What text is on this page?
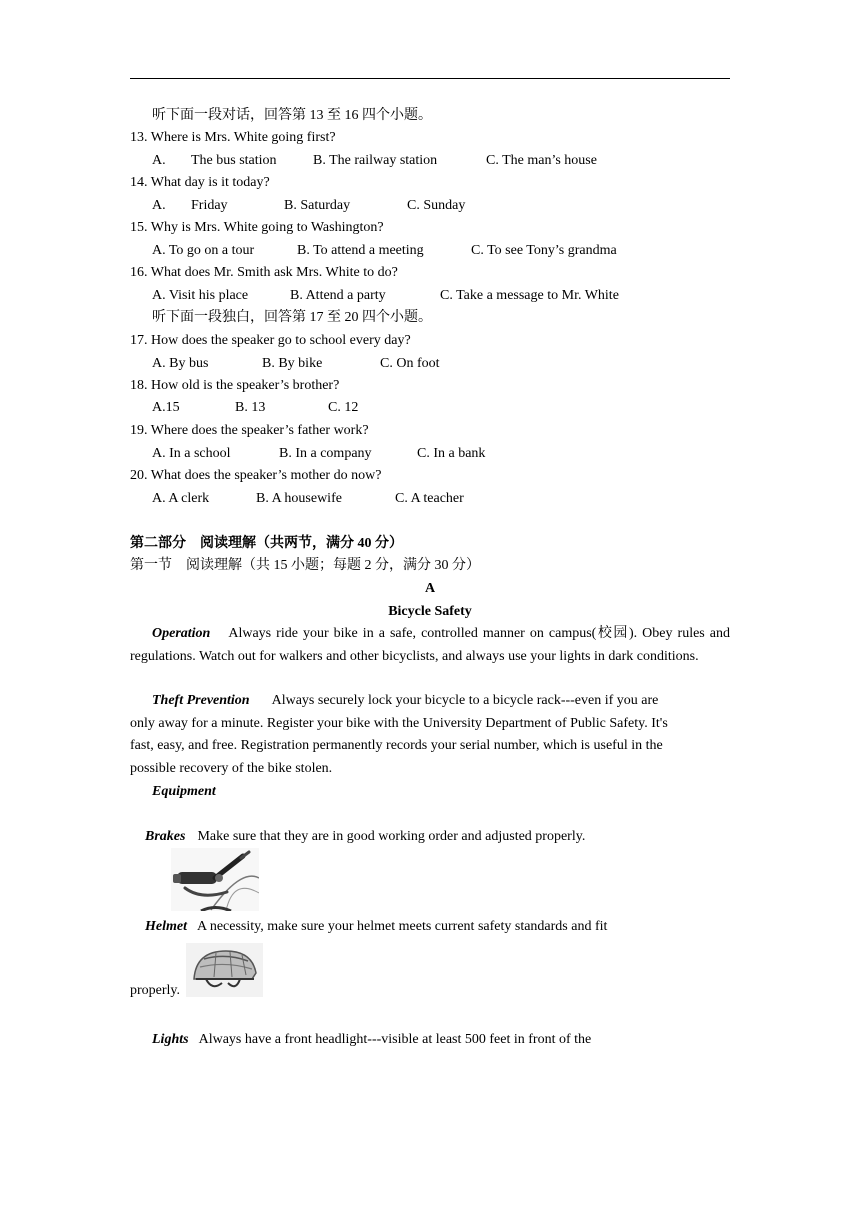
听下面一段对话，回答第 13 至 16 四个小题。
13. Where is Mrs. White going first?
A. The bus station	B. The railway station	C. The man’s house
14. What day is it today?
A. Friday	B. Saturday	C. Sunday
15. Why is Mrs. White going to Washington?
A. To go on a tour	B. To attend a meeting	C. To see Tony’s grandma
16. What does Mr. Smith ask Mrs. White to do?
A. Visit his place	B. Attend a party	C. Take a message to Mr. White
听下面一段独白，回答第 17 至 20 四个小题。
17. How does the speaker go to school every day?
A. By bus	B. By bike	C. On foot
18. How old is the speaker’s brother?
A.15	B. 13	C. 12
19. Where does the speaker’s father work?
A. In a school	B. In a company	C. In a bank
20. What does the speaker’s mother do now?
A. A clerk	B. A housewife	C. A teacher
第二部分　阅读理解（共两节，满分 40 分）
第一节　阅读理解（共 15 小题；每题 2 分，满分 30 分）
A
Bicycle Safety
Operation Always ride your bike in a safe, controlled manner on campus(校园). Obey rules and regulations. Watch out for walkers and other bicyclists, and always use your lights in dark conditions.
Theft Prevention Always securely lock your bicycle to a bicycle rack---even if you are
only away for a minute. Register your bike with the University Department of Public Safety. It's
fast, easy, and free. Registration permanently records your serial number, which is useful in the
possible recovery of the bike stolen.
Equipment
Brakes Make sure that they are in good working order and adjusted properly.
Helmet A necessity, make sure your helmet meets current safety standards and fit
properly.
Lights Always have a front headlight---visible at least 500 feet in front of the
